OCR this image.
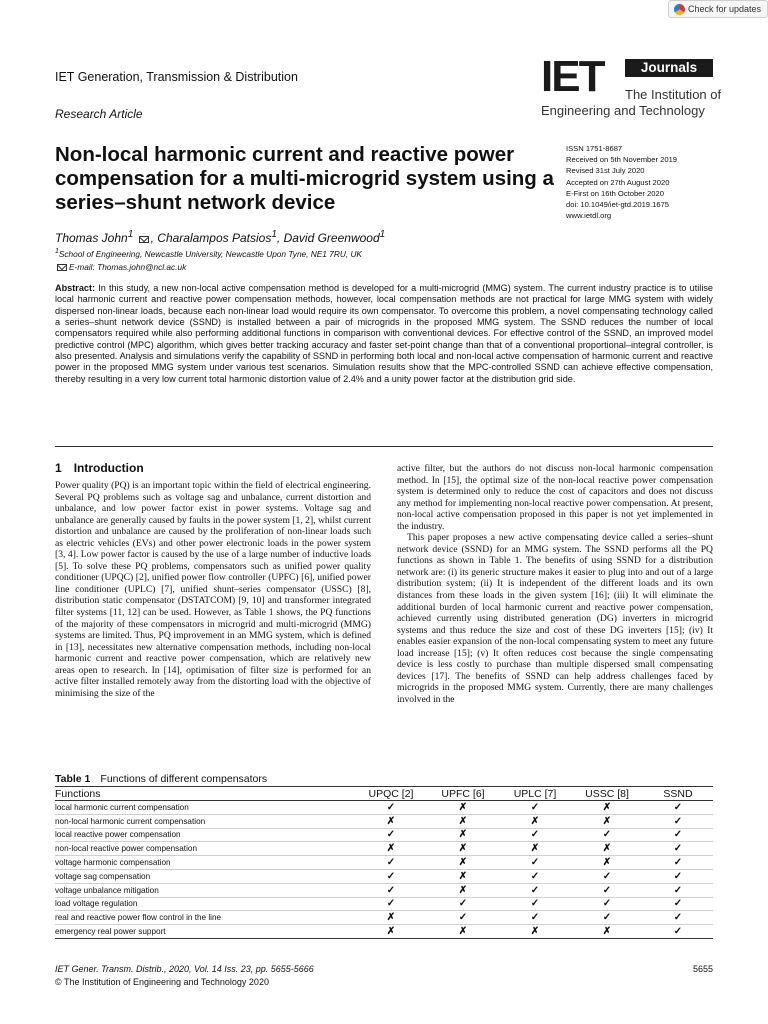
Check for updates
IET Generation, Transmission & Distribution
Research Article
IET	Journals
The Institution of
Engineering and Technology
Non-local harmonic current and reactive power compensation for a multi-microgrid system using a series–shunt network device
ISSN 1751-8687
Received on 5th November 2019
Revised 31st July 2020
Accepted on 27th August 2020
E-First on 16th October 2020
doi: 10.1049/iet-gtd.2019.1675
www.ietdl.org
Thomas John$^1$ , Charalampos Patsios$^1$, David Greenwood$^1$
$^1$School of Engineering, Newcastle University, Newcastle Upon Tyne, NE1 7RU, UK
E-mail: Thomas.john@ncl.ac.uk
Abstract: In this study, a new non-local active compensation method is developed for a multi-microgrid (MMG) system. The current industry practice is to utilise local harmonic current and reactive power compensation methods, however, local compensation methods are not practical for large MMG system with widely dispersed non-linear loads, because each non-linear load would require its own compensator. To overcome this problem, a novel compensating technology called a series–shunt network device (SSND) is installed between a pair of microgrids in the proposed MMG system. The SSND reduces the number of local compensators required while also performing additional functions in comparison with conventional devices. For effective control of the SSND, an improved model predictive control (MPC) algorithm, which gives better tracking accuracy and faster set-point change than that of a conventional proportional–integral controller, is also presented. Analysis and simulations verify the capability of SSND in performing both local and non-local active compensation of harmonic current and reactive power in the proposed MMG system under various test scenarios. Simulation results show that the MPC-controlled SSND can achieve effective compensation, thereby resulting in a very low current total harmonic distortion value of 2.4% and a unity power factor at the distribution grid side.
1 Introduction

Power quality (PQ) is an important topic within the field of electrical engineering. Several PQ problems such as voltage sag and unbalance, current distortion and unbalance, and low power factor exist in power systems. Voltage sag and unbalance are generally caused by faults in the power system [1, 2], whilst current distortion and unbalance are caused by the proliferation of non-linear loads such as electric vehicles (EVs) and other power electronic loads in the power system [3, 4]. Low power factor is caused by the use of a large number of inductive loads [5]. To solve these PQ problems, compensators such as unified power quality conditioner (UPQC) [2], unified power flow controller (UPFC) [6], unified power line conditioner (UPLC) [7], unified shunt–series compensator (USSC) [8], distribution static compensator (DSTATCOM) [9, 10] and transformer integrated filter systems [11, 12] can be used. However, as Table 1 shows, the PQ functions of the majority of these compensators in microgrid and multi-microgrid (MMG) systems are limited. Thus, PQ improvement in an MMG system, which is defined in [13], necessitates new alternative compensation methods, including non-local harmonic current and reactive power compensation, which are relatively new areas open to research. In [14], optimisation of filter size is performed for an active filter installed remotely away from the distorting load with the objective of minimising the size of the

active filter, but the authors do not discuss non-local harmonic compensation method. In [15], the optimal size of the non-local reactive power compensation system is determined only to reduce the cost of capacitors and does not discuss any method for implementing non-local reactive power compensation. At present, non-local active compensation proposed in this paper is not yet implemented in the industry.

This paper proposes a new active compensating device called a series–shunt network device (SSND) for an MMG system. The SSND performs all the PQ functions as shown in Table 1. The benefits of using SSND for a distribution network are: (i) its generic structure makes it easier to plug into and out of a large distribution system; (ii) It is independent of the different loads and its own distances from these loads in the given system [16]; (iii) It will eliminate the additional burden of local harmonic current and reactive power compensation, achieved currently using distributed generation (DG) inverters in microgrid systems and thus reduce the size and cost of these DG inverters [15]; (iv) It enables easier expansion of the non-local compensating system to meet any future load increase [15]; (v) It often reduces cost because the single compensating device is less costly to purchase than multiple dispersed small compensating devices [17]. The benefits of SSND can help address challenges faced by microgrids in the proposed MMG system. Currently, there are many challenges involved in the

Table 1 Functions of different compensators
Functions	UPQC [2]	UPFC [6]	UPLC [7]	USSC [8]	SSND
local harmonic current compensation	✓	✗	✓	✗	✓
non-local harmonic current compensation	✗	✗	✗	✗	✓
local reactive power compensation	✓	✗	✓	✓	✓
non-local reactive power compensation	✗	✗	✗	✗	✓
voltage harmonic compensation	✓	✗	✓	✗	✓
voltage sag compensation	✓	✗	✓	✓	✓
voltage unbalance mitigation	✓	✗	✓	✓	✓
load voltage regulation	✓	✓	✓	✓	✓
real and reactive power flow control in the line	✗	✓	✓	✓	✓
emergency real power support	✗	✗	✗	✗	✓
IET Gener. Transm. Distrib., 2020, Vol. 14 Iss. 23, pp. 5655-5666
© The Institution of Engineering and Technology 2020
5655
